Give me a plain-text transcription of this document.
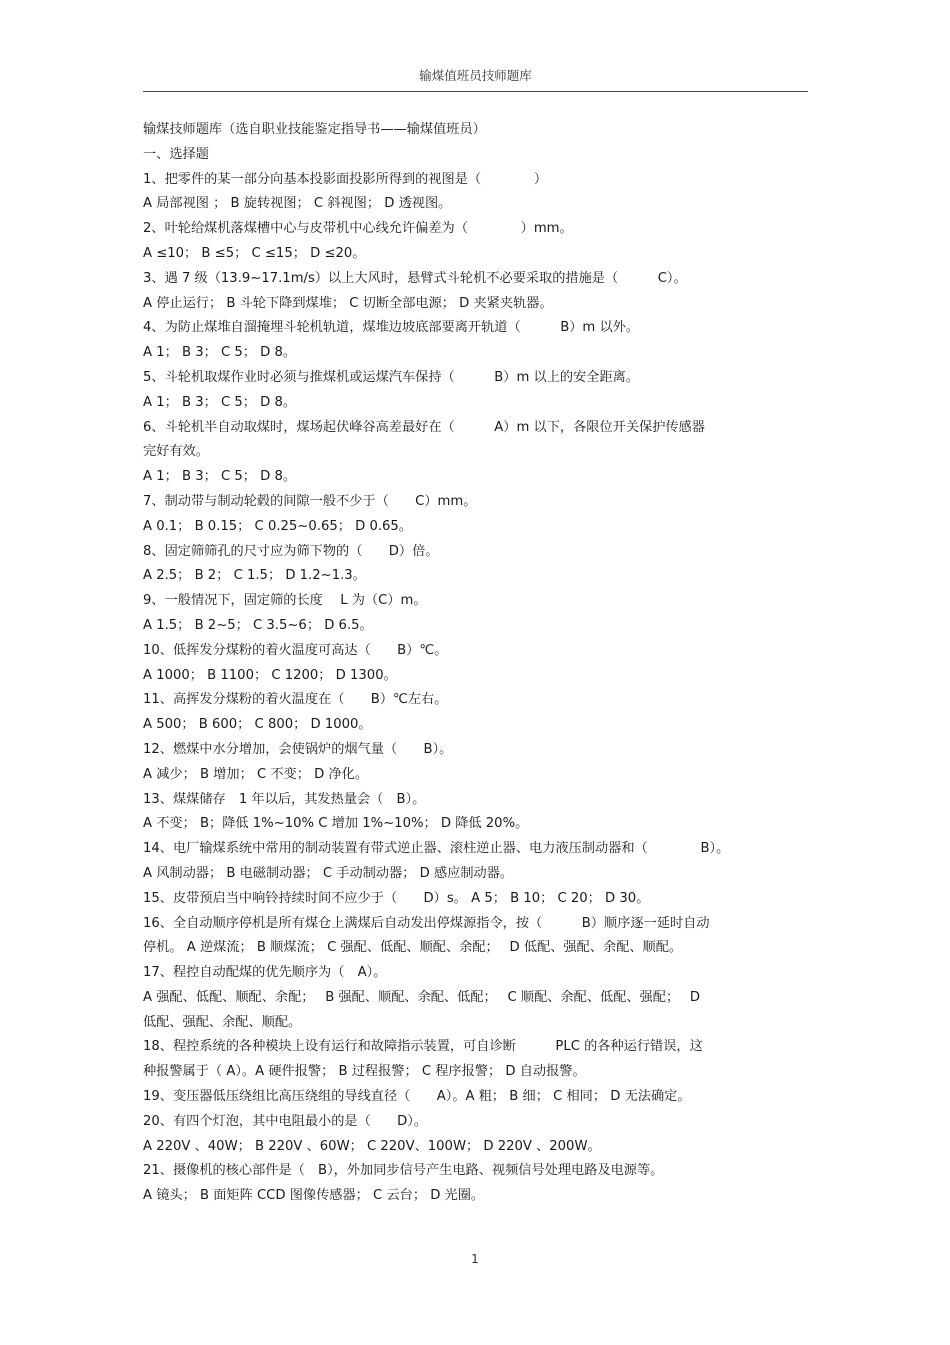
输煤值班员技师题库
输煤技师题库（选自职业技能鉴定指导书——输煤值班员）
一、选择题
1、把零件的某一部分向基本投影面投影所得到的视图是（　　　　）
A 局部视图 ； B 旋转视图； C 斜视图； D 透视图。
2、叶轮给煤机落煤槽中心与皮带机中心线允许偏差为（　　　　）mm。
A ≤10； B ≤5； C ≤15； D ≤20。
3、遇 7 级（13.9~17.1m/s）以上大风时，悬臂式斗轮机不必要采取的措施是（　　　C）。
A 停止运行； B 斗轮下降到煤堆； C 切断全部电源； D 夹紧夹轨器。
4、为防止煤堆自溜掩埋斗轮机轨道，煤堆边坡底部要离开轨道（　　　B）m 以外。
A 1； B 3； C 5； D 8。
5、斗轮机取煤作业时必须与推煤机或运煤汽车保持（　　　B）m 以上的安全距离。
A 1； B 3； C 5； D 8。
6、斗轮机半自动取煤时，煤场起伏峰谷高差最好在（　　　A）m 以下，各限位开关保护传感器
完好有效。
A 1； B 3； C 5； D 8。
7、制动带与制动轮毂的间隙一般不少于（　　C）mm。
A 0.1； B 0.15； C 0.25~0.65； D 0.65。
8、固定筛筛孔的尺寸应为筛下物的（　　D）倍。
A 2.5； B 2； C 1.5； D 1.2~1.3。
9、一般情况下，固定筛的长度　 L 为（C）m。
A 1.5； B 2~5； C 3.5~6； D 6.5。
10、低挥发分煤粉的着火温度可高达（　　B）℃。
A 1000； B 1100； C 1200； D 1300。
11、高挥发分煤粉的着火温度在（　　B）℃左右。
A 500； B 600； C 800； D 1000。
12、燃煤中水分增加，会使锅炉的烟气量（　　B）。
A 减少； B 增加； C 不变； D 净化。
13、煤煤储存　1 年以后，其发热量会（　B）。
A 不变； B；降低 1%~10% C 增加 1%~10%； D 降低 20%。
14、电厂输煤系统中常用的制动装置有带式逆止器、滚柱逆止器、电力液压制动器和（　　　　B）。
A 风制动器； B 电磁制动器； C 手动制动器； D 感应制动器。
15、皮带预启当中响铃持续时间不应少于（　　D）s。 A 5； B 10； C 20； D 30。
16、全自动顺序停机是所有煤仓上满煤后自动发出停煤源指令，按（　　　B）顺序逐一延时自动
停机。 A 逆煤流； B 顺煤流； C 强配、低配、顺配、余配；　 D 低配、强配、余配、顺配。
17、程控自动配煤的优先顺序为（　A）。
A 强配、低配、顺配、余配；　 B 强配、顺配、余配、低配；　 C 顺配、余配、低配、强配；　 D
低配、强配、余配、顺配。
18、程控系统的各种模块上设有运行和故障指示装置，可自诊断　　　PLC 的各种运行错误，这
种报警属于（ A）。A 硬件报警； B 过程报警； C 程序报警； D 自动报警。
19、变压器低压绕组比高压绕组的导线直径（　　A）。A 粗； B 细； C 相同； D 无法确定。
20、有四个灯泡，其中电阻最小的是（　　D）。
A 220V 、40W； B 220V 、60W； C 220V、100W； D 220V 、200W。
21、摄像机的核心部件是（　B），外加同步信号产生电路、视频信号处理电路及电源等。
A 镜头； B 面矩阵 CCD 图像传感器； C 云台； D 光圈。
1
